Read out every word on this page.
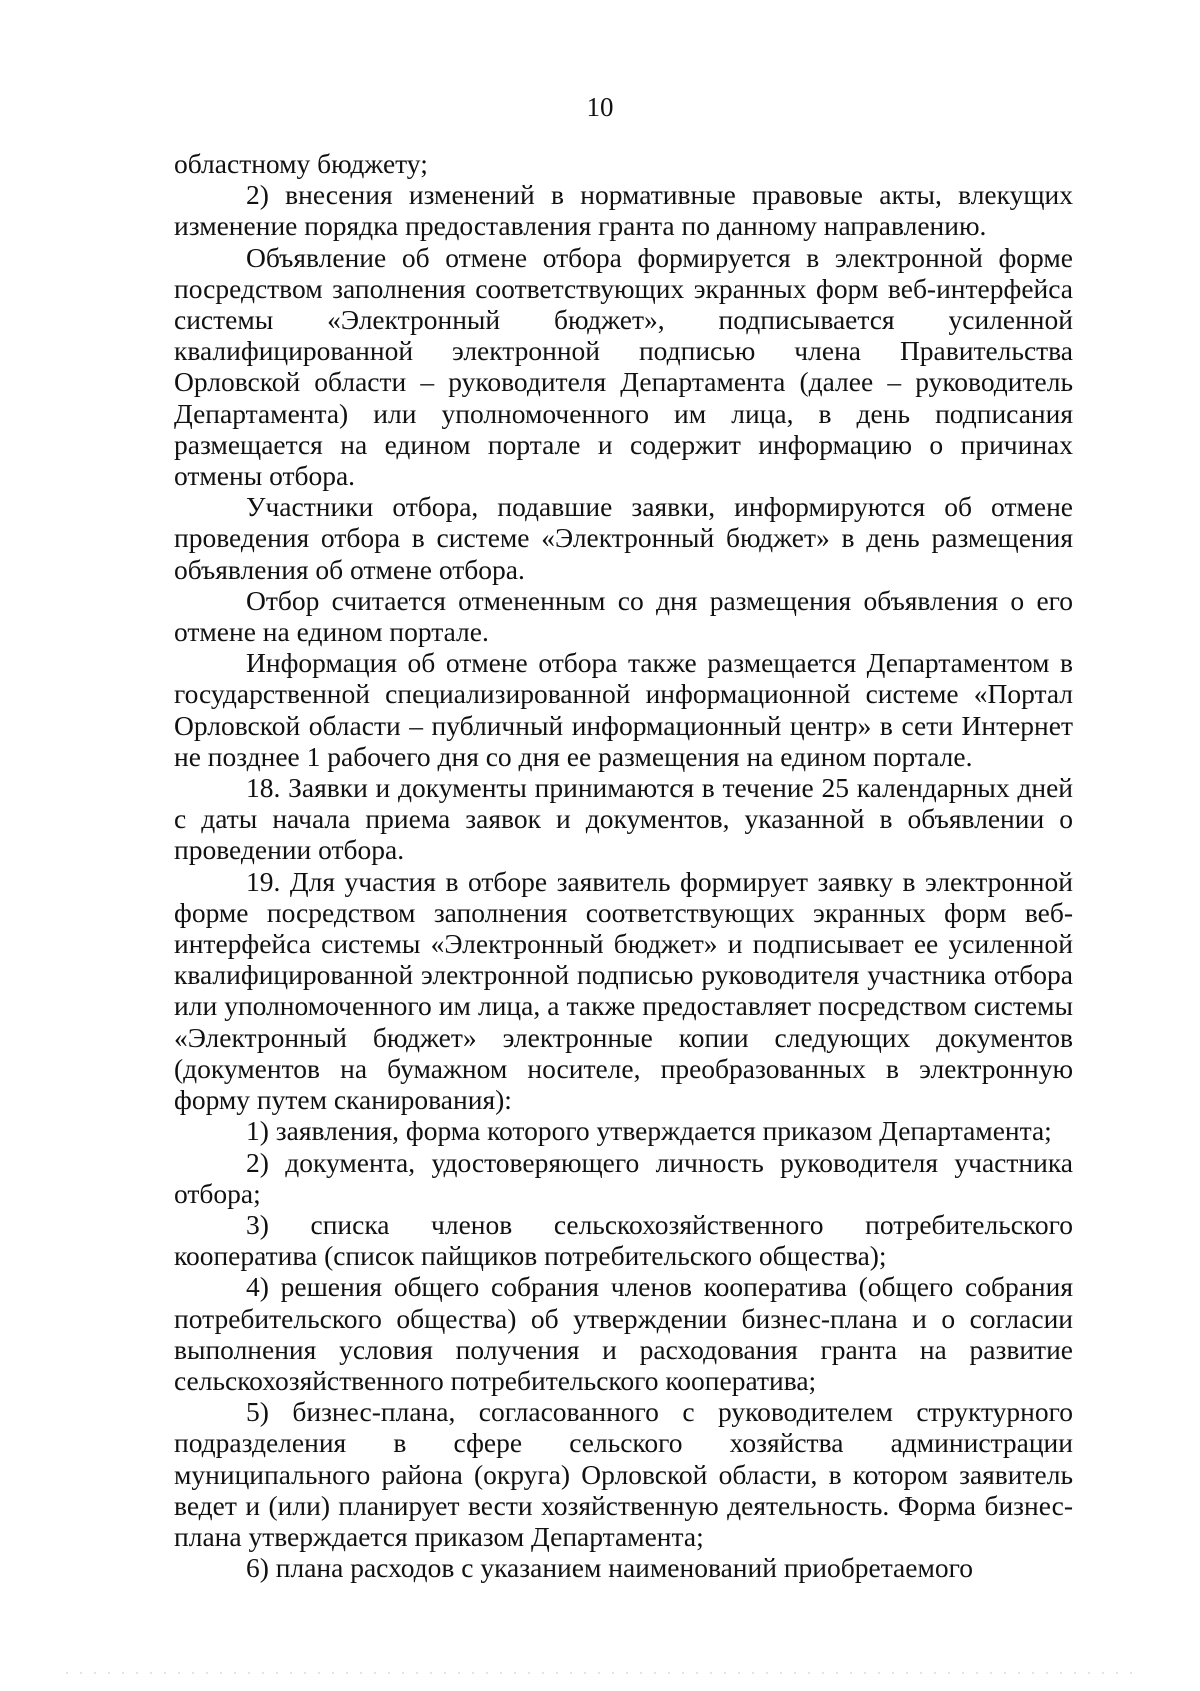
10

областному бюджету;

2) внесения изменений в нормативные правовые акты, влекущих изменение порядка предоставления гранта по данному направлению.

Объявление об отмене отбора формируется в электронной форме посредством заполнения соответствующих экранных форм веб-интерфейса системы «Электронный бюджет», подписывается усиленной квалифицированной электронной подписью члена Правительства Орловской области – руководителя Департамента (далее – руководитель Департамента) или уполномоченного им лица, в день подписания размещается на едином портале и содержит информацию о причинах отмены отбора.

Участники отбора, подавшие заявки, информируются об отмене проведения отбора в системе «Электронный бюджет» в день размещения объявления об отмене отбора.

Отбор считается отмененным со дня размещения объявления о его отмене на едином портале.

Информация об отмене отбора также размещается Департаментом в государственной специализированной информационной системе «Портал Орловской области – публичный информационный центр» в сети Интернет не позднее 1 рабочего дня со дня ее размещения на едином портале.

18. Заявки и документы принимаются в течение 25 календарных дней с даты начала приема заявок и документов, указанной в объявлении о проведении отбора.

19. Для участия в отборе заявитель формирует заявку в электронной форме посредством заполнения соответствующих экранных форм веб-интерфейса системы «Электронный бюджет» и подписывает ее усиленной квалифицированной электронной подписью руководителя участника отбора или уполномоченного им лица, а также предоставляет посредством системы «Электронный бюджет» электронные копии следующих документов (документов на бумажном носителе, преобразованных в электронную форму путем сканирования):

1) заявления, форма которого утверждается приказом Департамента;

2) документа, удостоверяющего личность руководителя участника отбора;

3) списка членов сельскохозяйственного потребительского кооператива (список пайщиков потребительского общества);

4) решения общего собрания членов кооператива (общего собрания потребительского общества) об утверждении бизнес-плана и о согласии выполнения условия получения и расходования гранта на развитие сельскохозяйственного потребительского кооператива;

5) бизнес-плана, согласованного с руководителем структурного подразделения в сфере сельского хозяйства администрации муниципального района (округа) Орловской области, в котором заявитель ведет и (или) планирует вести хозяйственную деятельность. Форма бизнес-плана утверждается приказом Департамента;

6) плана расходов с указанием наименований приобретаемого
